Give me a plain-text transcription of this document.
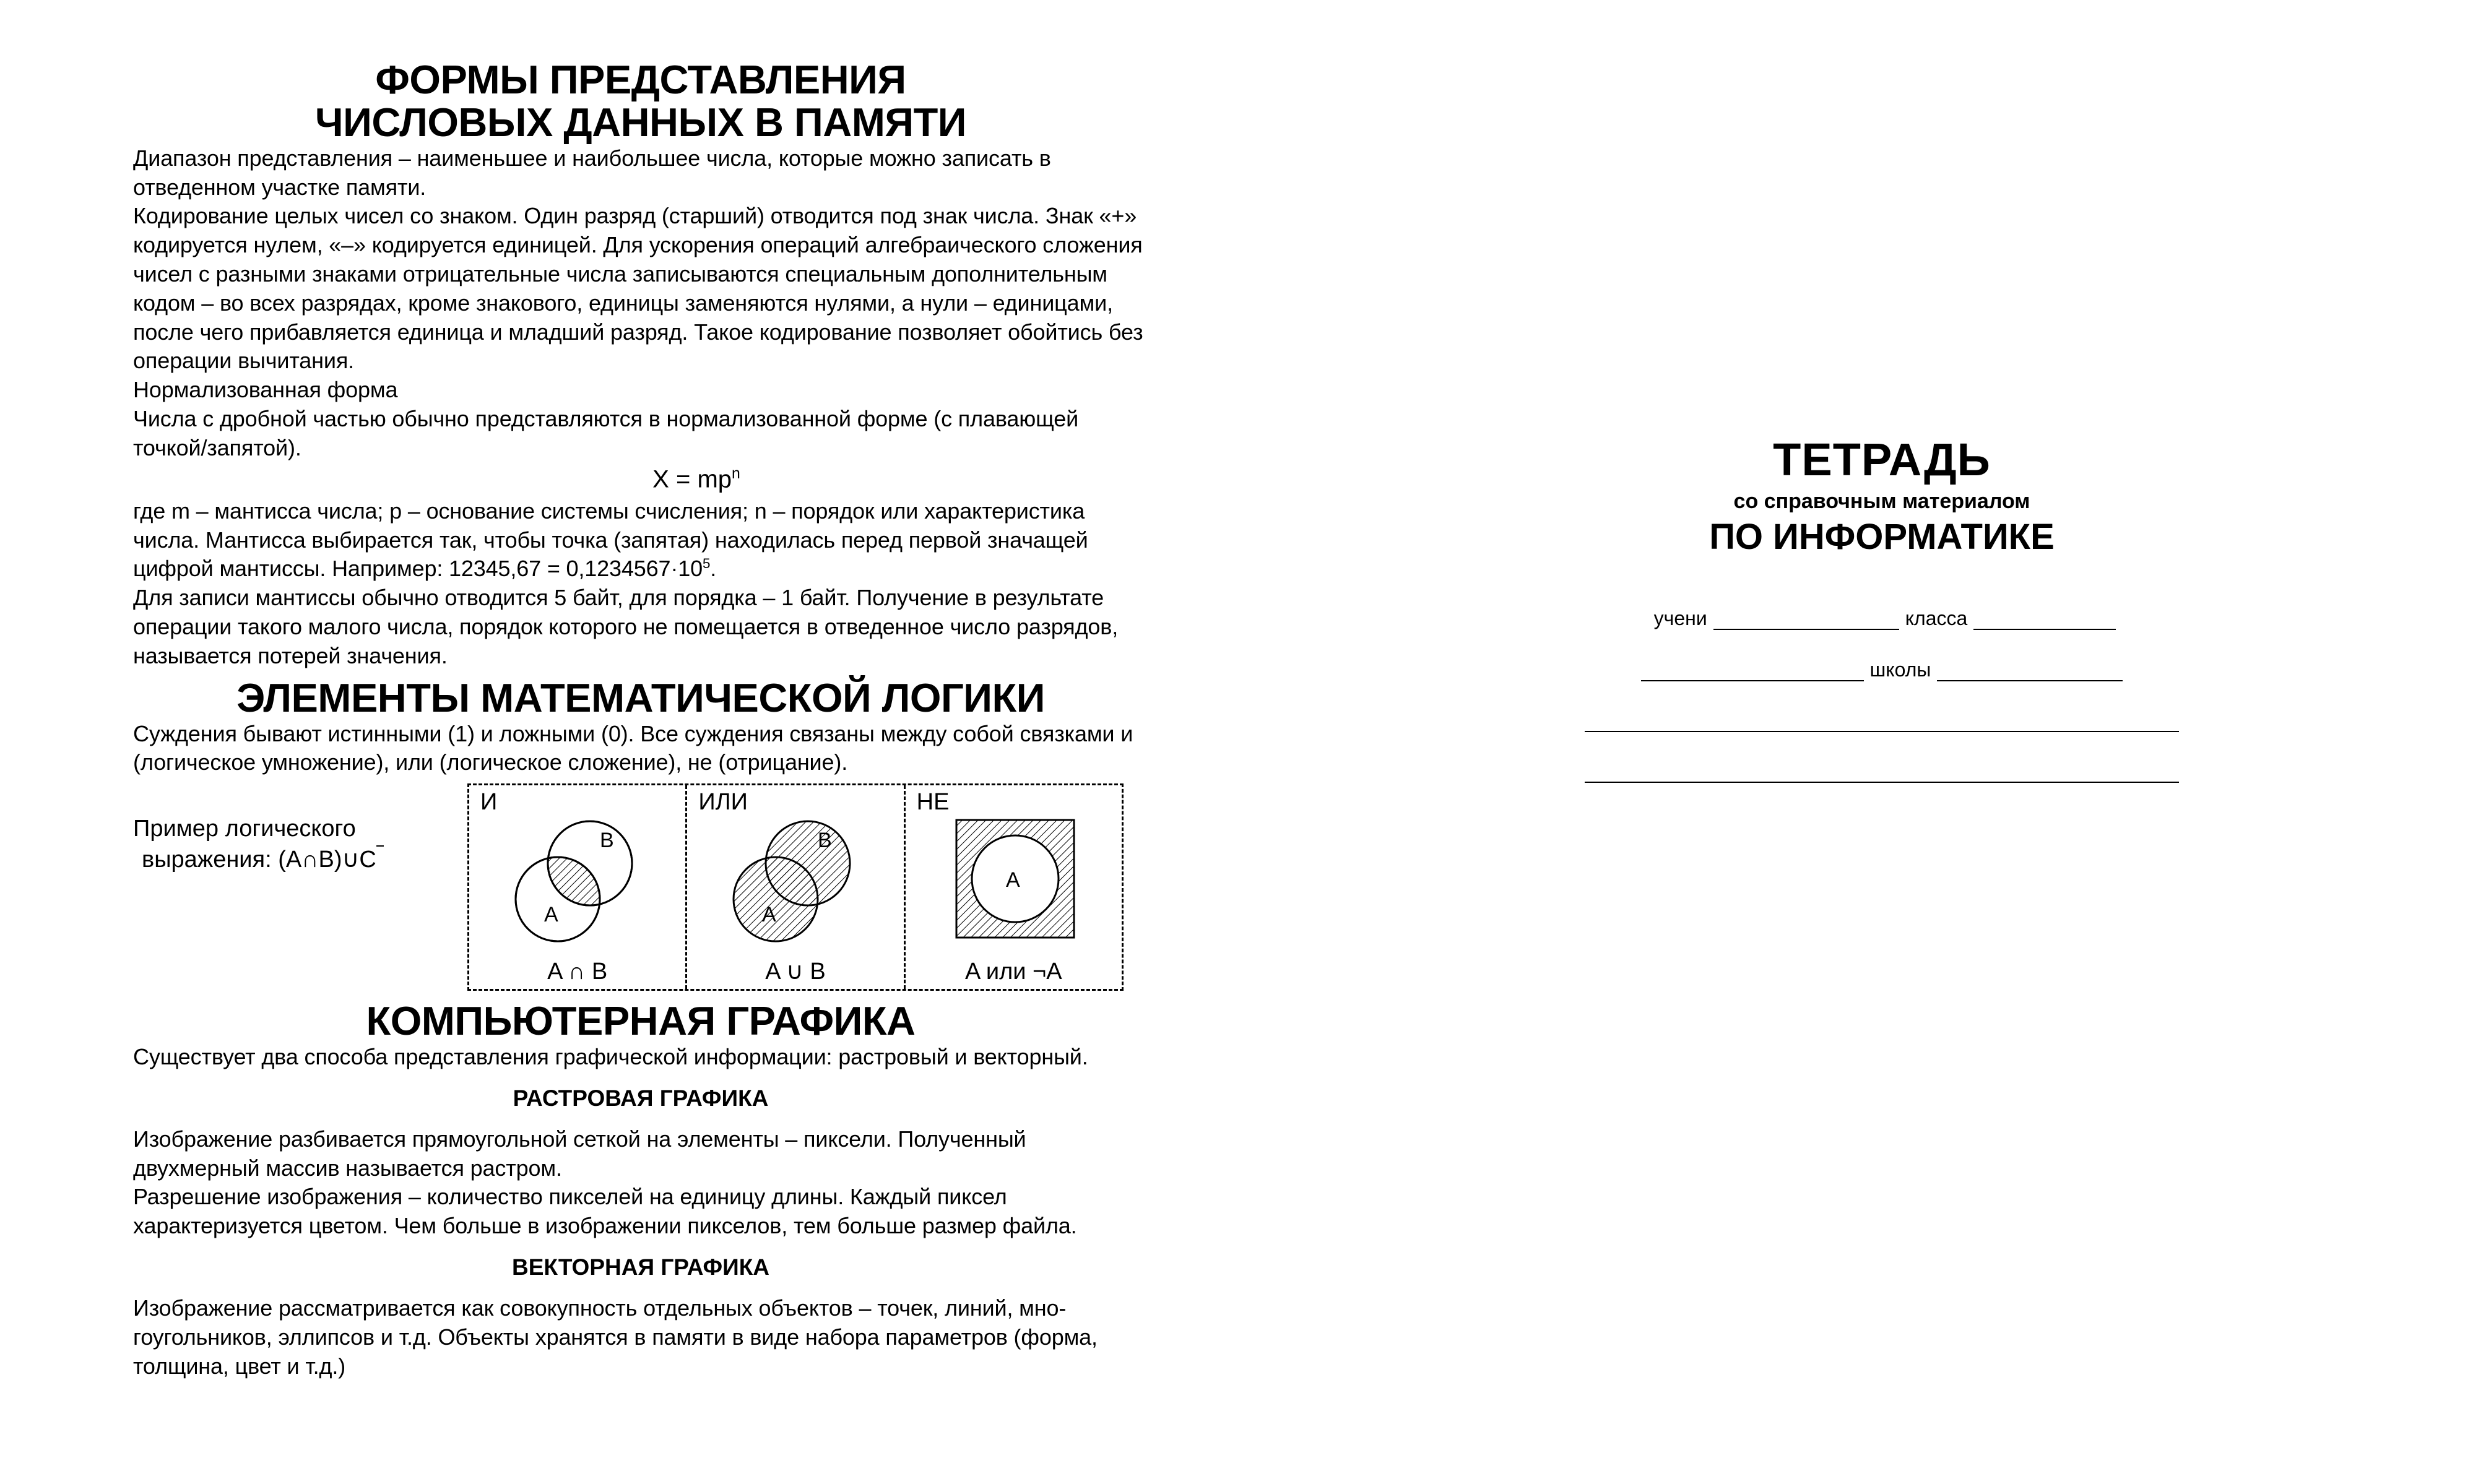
ФОРМЫ ПРЕДСТАВЛЕНИЯ
ЧИСЛОВЫХ ДАННЫХ В ПАМЯТИ

Диапазон представления – наименьшее и наибольшее числа, которые можно записать в отведенном участке памяти.

Кодирование целых чисел со знаком. Один разряд (старший) отводится под знак числа. Знак «+» кодируется нулем, «–» кодируется единицей. Для ускорения операций алгебраического сложения чисел с разными знаками отрицательные числа записываются специальным дополнительным кодом – во всех разрядах, кроме знакового, единицы заменяются нулями, а нули – единицами, после чего прибавляется единица и младший разряд. Такое кодирование позволяет обойтись без операции вычитания.

Нормализованная форма

Числа с дробной частью обычно представляются в нормализованной форме (с плавающей точкой/запятой).

$X = mp^n$

где m – мантисса числа; p – основание системы счисления; n – порядок или характеристика числа. Мантисса выбирается так, чтобы точка (запятая) находилась перед первой значащей цифрой мантиссы. Например: $12345,67 = 0,1234567\cdot 10^5$.

Для записи мантиссы обычно отводится 5 байт, для порядка – 1 байт. Получение в результате операции такого малого числа, порядок которого не помещается в отведенное число разрядов, называется потерей значения.

ЭЛЕМЕНТЫ МАТЕМАТИЧЕСКОЙ ЛОГИКИ

Суждения бывают истинными (1) и ложными (0). Все суждения связаны между собой связками и (логическое умножение), или (логическое сложение), не (отрицание).

Пример логического
выражения: (A∩B)∪C
И
B
A
A ∩ B
ИЛИ
B
A
A ∪ B
НЕ
A
A или ¬A
КОМПЬЮТЕРНАЯ ГРАФИКА

Существует два способа представления графической информации: растровый и векторный.

РАСТРОВАЯ ГРАФИКА

Изображение разбивается прямоугольной сеткой на элементы – пиксели. Полученный двухмерный массив называется растром.

Разрешение изображения – количество пикселей на единицу длины. Каждый пиксел характеризуется цветом. Чем больше в изображении пикселов, тем больше размер файла.

ВЕКТОРНАЯ ГРАФИКА

Изображение рассматривается как совокупность отдельных объектов – точек, линий, мно-гоугольников, эллипсов и т.д. Объекты хранятся в памяти в виде набора параметров (форма, толщина, цвет и т.д.)

ТЕТРАДЬ
со справочным материалом
ПО ИНФОРМАТИКЕ
учени	класса
школы
